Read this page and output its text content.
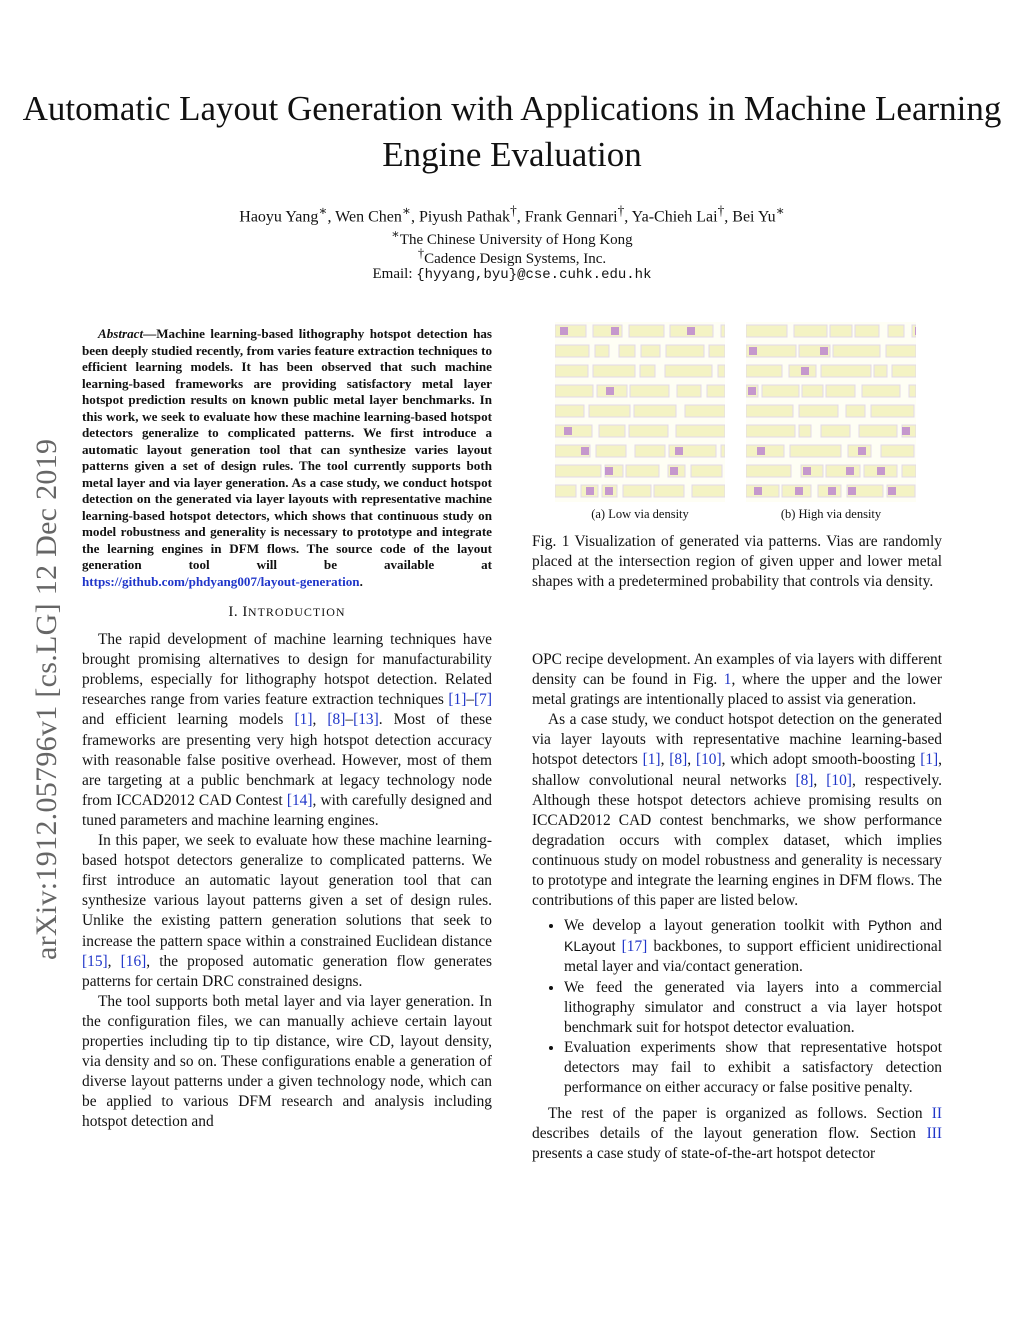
arXiv:1912.05796v1 [cs.LG] 12 Dec 2019
Automatic Layout Generation with Applications in Machine Learning Engine Evaluation
Haoyu Yang∗, Wen Chen∗, Piyush Pathak†, Frank Gennari†, Ya-Chieh Lai†, Bei Yu∗
∗The Chinese University of Hong Kong
†Cadence Design Systems, Inc.
Email: {hyyang,byu}@cse.cuhk.edu.hk

Abstract—Machine learning-based lithography hotspot detection has been deeply studied recently, from varies feature extraction techniques to efficient learning models. It has been observed that such machine learning-based frameworks are providing satisfactory metal layer hotspot prediction results on known public metal layer benchmarks. In this work, we seek to evaluate how these machine learning-based hotspot detectors generalize to complicated patterns. We first introduce a automatic layout generation tool that can synthesize varies layout patterns given a set of design rules. The tool currently supports both metal layer and via layer generation. As a case study, we conduct hotspot detection on the generated via layer layouts with representative machine learning-based hotspot detectors, which shows that continuous study on model robustness and generality is necessary to prototype and integrate the learning engines in DFM flows. The source code of the layout generation tool will be available at https://github.com/phdyang007/layout-generation.

I. INTRODUCTION

The rapid development of machine learning techniques have brought promising alternatives to design for manufacturability problems, especially for lithography hotspot detection. Related researches range from varies feature extraction techniques [1]–[7] and efficient learning models [1], [8]–[13]. Most of these frameworks are presenting very high hotspot detection accuracy with reasonable false positive overhead. However, most of them are targeting at a public benchmark at legacy technology node from ICCAD2012 CAD Contest [14], with carefully designed and tuned parameters and machine learning engines.

In this paper, we seek to evaluate how these machine learning-based hotspot detectors generalize to complicated patterns. We first introduce an automatic layout generation tool that can synthesize various layout patterns given a set of design rules. Unlike the existing pattern generation solutions that seek to increase the pattern space within a constrained Euclidean distance [15], [16], the proposed automatic generation flow generates patterns for certain DRC constrained designs.

The tool supports both metal layer and via layer generation. In the configuration files, we can manually achieve certain layout properties including tip to tip distance, wire CD, layout density, via density and so on. These configurations enable a generation of diverse layout patterns under a given technology node, which can be applied to various DFM research and analysis including hotspot detection and

(a) Low via density	(b) High via density
Fig. 1 Visualization of generated via patterns. Vias are randomly placed at the intersection region of given upper and lower metal shapes with a predetermined probability that controls via density.

OPC recipe development. An examples of via layers with different density can be found in Fig. 1, where the upper and the lower metal gratings are intentionally placed to assist via generation.

As a case study, we conduct hotspot detection on the generated via layer layouts with representative machine learning-based hotspot detectors [1], [8], [10], which adopt smooth-boosting [1], shallow convolutional neural networks [8], [10], respectively. Although these hotspot detectors achieve promising results on ICCAD2012 CAD contest benchmarks, we show performance degradation occurs with complex dataset, which implies continuous study on model robustness and generality is necessary to prototype and integrate the learning engines in DFM flows. The contributions of this paper are listed below.

• We develop a layout generation toolkit with Python and KLayout [17] backbones, to support efficient unidirectional metal layer and via/contact generation.
• We feed the generated via layers into a commercial lithography simulator and construct a via layer hotspot benchmark suit for hotspot detector evaluation.
• Evaluation experiments show that representative hotspot detectors may fail to exhibit a satisfactory detection performance on either accuracy or false positive penalty.

The rest of the paper is organized as follows. Section II describes details of the layout generation flow. Section III presents a case study of state-of-the-art hotspot detector
